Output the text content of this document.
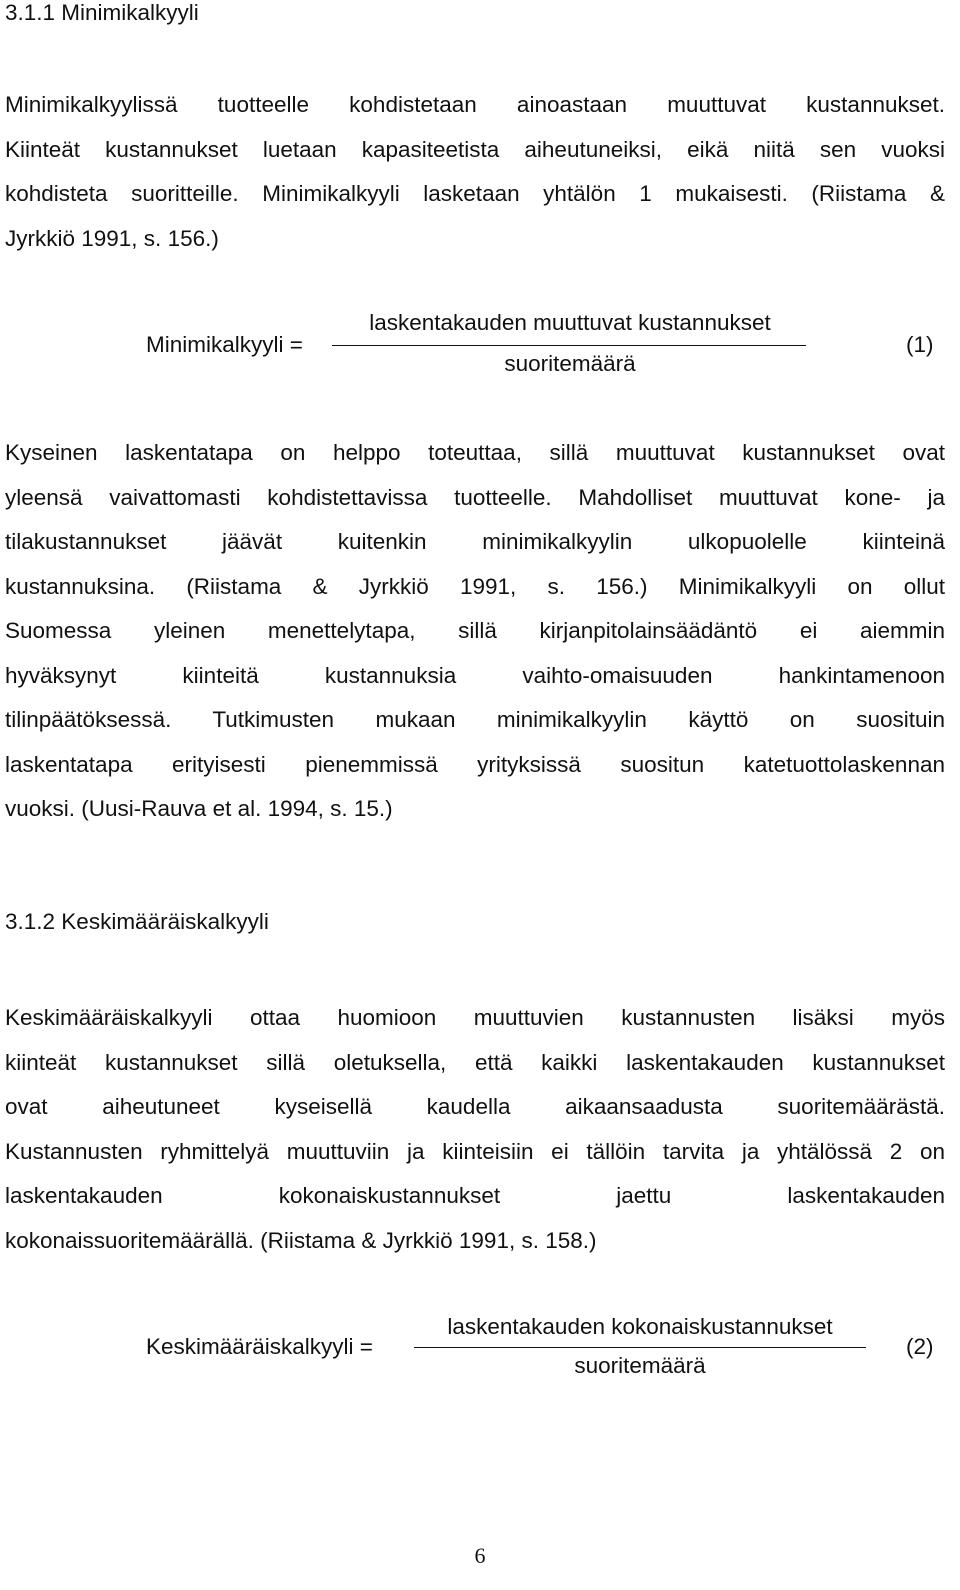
3.1.1 Minimikalkyyli
Minimikalkyylissä tuotteelle kohdistetaan ainoastaan muuttuvat kustannukset.
Kiinteät kustannukset luetaan kapasiteetista aiheutuneiksi, eikä niitä sen vuoksi
kohdisteta suoritteille. Minimikalkyyli lasketaan yhtälön 1 mukaisesti. (Riistama &
Jyrkkiö 1991, s. 156.)
Minimikalkyyli =
laskentakauden muuttuvat kustannukset
suoritemäärä
(1)
Kyseinen laskentatapa on helppo toteuttaa, sillä muuttuvat kustannukset ovat
yleensä vaivattomasti kohdistettavissa tuotteelle. Mahdolliset muuttuvat kone- ja
tilakustannukset jäävät kuitenkin minimikalkyylin ulkopuolelle kiinteinä
kustannuksina. (Riistama & Jyrkkiö 1991, s. 156.) Minimikalkyyli on ollut
Suomessa yleinen menettelytapa, sillä kirjanpitolainsäädäntö ei aiemmin
hyväksynyt kiinteitä kustannuksia vaihto-omaisuuden hankintamenoon
tilinpäätöksessä. Tutkimusten mukaan minimikalkyylin käyttö on suosituin
laskentatapa erityisesti pienemmissä yrityksissä suositun katetuottolaskennan
vuoksi. (Uusi-Rauva et al. 1994, s. 15.)
3.1.2 Keskimääräiskalkyyli
Keskimääräiskalkyyli ottaa huomioon muuttuvien kustannusten lisäksi myös
kiinteät kustannukset sillä oletuksella, että kaikki laskentakauden kustannukset
ovat aiheutuneet kyseisellä kaudella aikaansaadusta suoritemäärästä.
Kustannusten ryhmittelyä muuttuviin ja kiinteisiin ei tällöin tarvita ja yhtälössä 2 on
laskentakauden kokonaiskustannukset jaettu laskentakauden
kokonaissuoritemäärällä. (Riistama & Jyrkkiö 1991, s. 158.)
Keskimääräiskalkyyli =
laskentakauden kokonaiskustannukset
suoritemäärä
(2)
6
